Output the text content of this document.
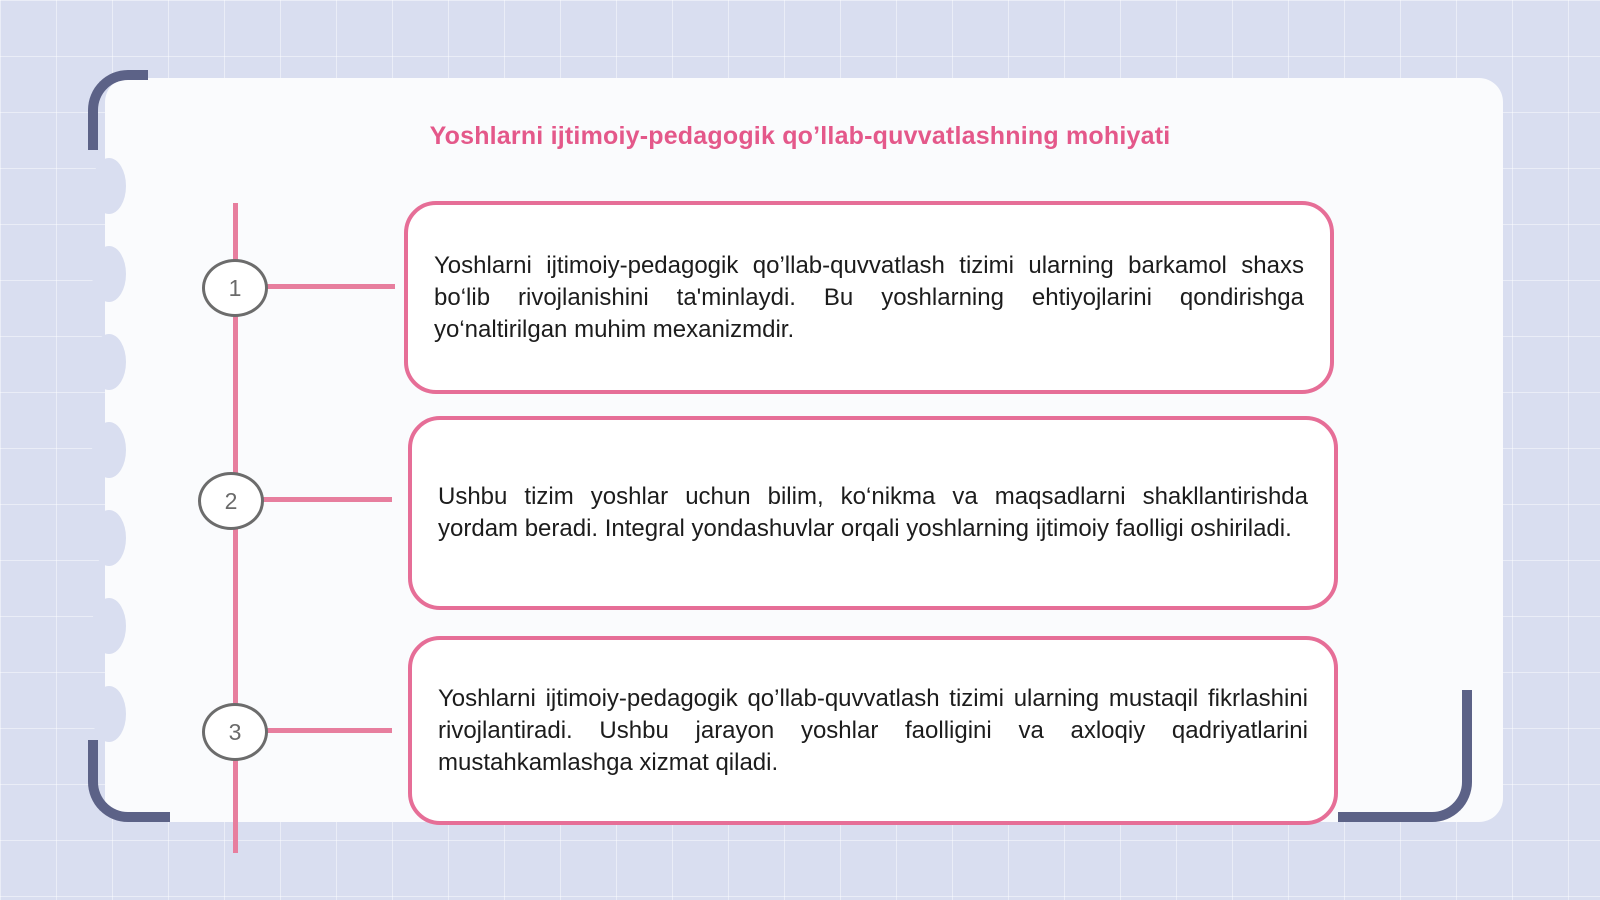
Yoshlarni ijtimoiy-pedagogik qo’llab-quvvatlashning mohiyati
1

Yoshlarni ijtimoiy-pedagogik qo’llab-quvvatlash tizimi ularning barkamol shaxs bo‘lib rivojlanishini ta'minlaydi. Bu yoshlarning ehtiyojlarini qondirishga yo‘naltirilgan muhim mexanizmdir.

2	Ushbu tizim yoshlar uchun bilim, ko‘nikma va maqsadlarni shakllantirishda yordam beradi. Integral yondashuvlar orqali yoshlarning ijtimoiy faolligi oshiriladi.

3

Yoshlarni ijtimoiy-pedagogik qo’llab-quvvatlash tizimi ularning mustaqil fikrlashini rivojlantiradi. Ushbu jarayon yoshlar faolligini va axloqiy qadriyatlarini mustahkamlashga xizmat qiladi.
